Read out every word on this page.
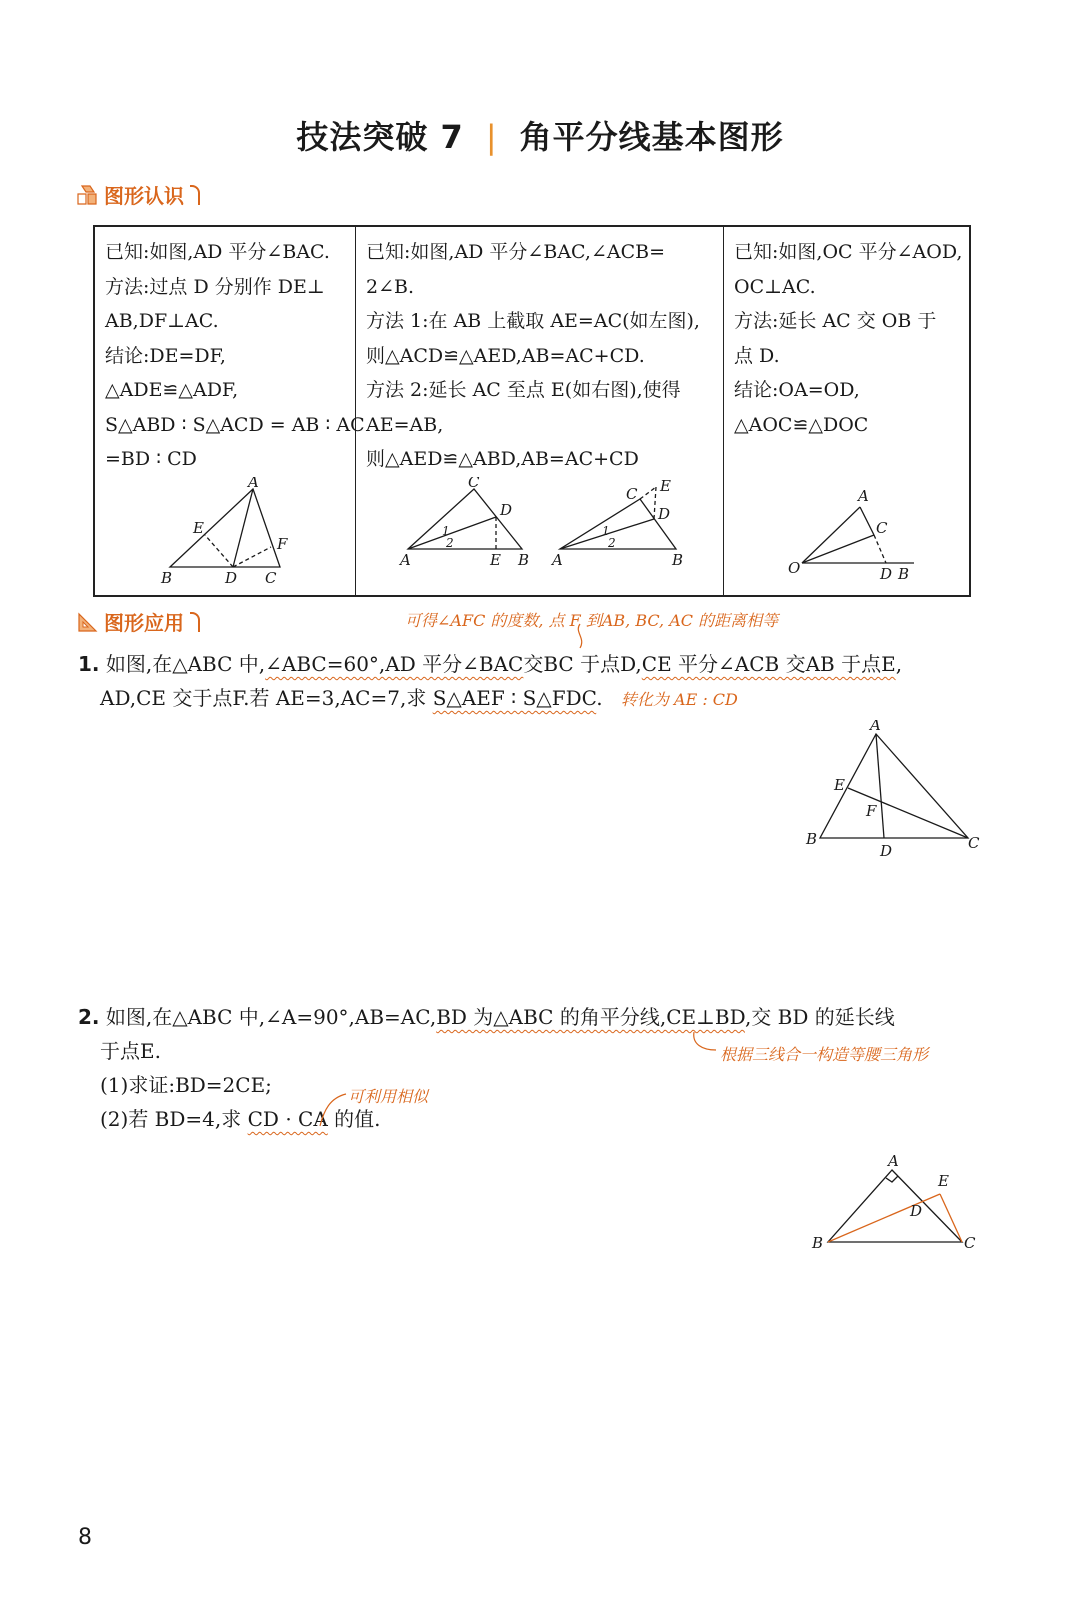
技法突破 7 | 角平分线基本图形
图形认识
已知:如图,AD 平分∠BAC.
方法:过点 D 分别作 DE⊥
AB,DF⊥AC.
结论:DE=DF,
△ADE≌△ADF,
S△ABD ∶ S△ACD = AB ∶ AC
=BD ∶ CD
A
E
F
B	D C
已知:如图,AD 平分∠BAC,∠ACB=
2∠B.
方法 1:在 AB 上截取 AE=AC(如左图),
则△ACD≌△AED,AB=AC+CD.
方法 2:延长 AC 至点 E(如右图),使得
AE=AB,
则△AED≌△ABD,AB=AC+CD
C
D
1
2
A	E B
C E
D
1
2
A	B
已知:如图,OC 平分∠AOD,
OC⊥AC.
方法:延长 AC 交 OB 于
点 D.
结论:OA=OD,
△AOC≌△DOC
A
C
O	D B
图形应用	可得∠AFC 的度数, 点 F 到AB, BC, AC 的距离相等
1. 如图,在△ABC 中,∠ABC=60°,AD 平分∠BAC交BC 于点D,CE 平分∠ACB 交AB 于点E,
AD,CE 交于点F.若 AE=3,AC=7,求 S△AEF ∶ S△FDC. 转化为 AE : CD
A
E
F
B
D	C
2. 如图,在△ABC 中,∠A=90°,AB=AC,BD 为△ABC 的角平分线,CE⊥BD,交 BD 的延长线
于点E.
(1)求证:BD=2CE;
(2)若 BD=4,求 CD · CA 的值.
根据三线合一构造等腰三角形
可利用相似
A
E
D
B	C
8
